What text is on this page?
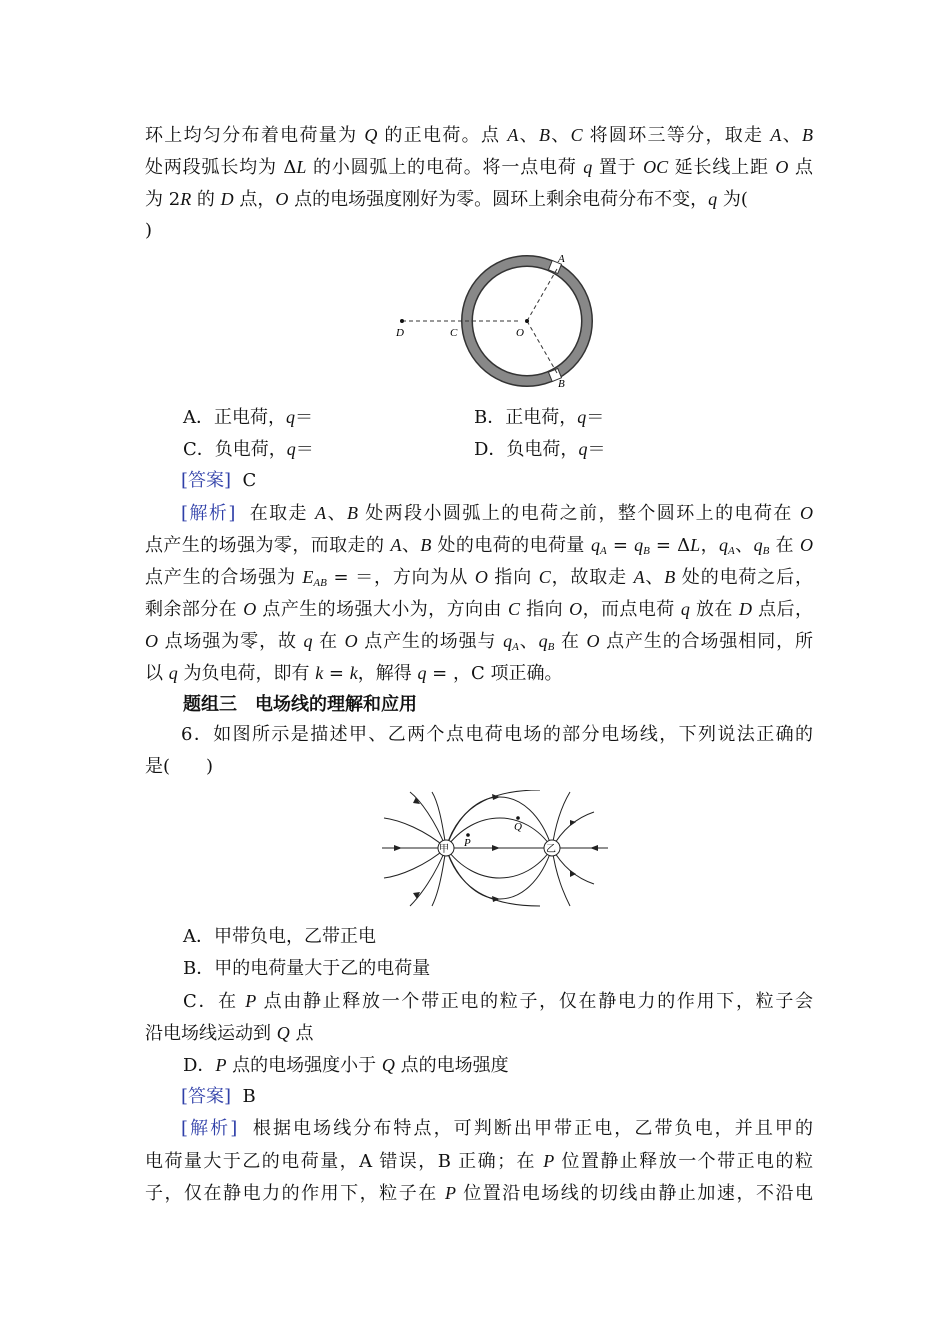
环上均匀分布着电荷量为 Q 的正电荷。点 A、B、C 将圆环三等分，取走 A、B
处两段弧长均为 ΔL 的小圆弧上的电荷。将一点电荷 q 置于 OC 延长线上距 O 点
为 2R 的 D 点，O 点的电场强度刚好为零。圆环上剩余电荷分布不变，q 为(
)
D	C	O
A
B
A．正电荷，q＝	B．正电荷，q＝
C．负电荷，q＝	D．负电荷，q＝
[答案] C
[解析] 在取走 A、B 处两段小圆弧上的电荷之前，整个圆环上的电荷在 O
点产生的场强为零，而取走的 A、B 处的电荷的电荷量 $q_A = q_B = \Delta L$，$q_A$、$q_B$ 在 O
点产生的合场强为 $E_{AB}$ = ＝，方向为从 O 指向 C，故取走 A、B 处的电荷之后，
剩余部分在 O 点产生的场强大小为，方向由 C 指向 O，而点电荷 q 放在 D 点后，
O 点场强为零，故 q 在 O 点产生的场强与 $q_A$、$q_B$ 在 O 点产生的合场强相同，所
以 q 为负电荷，即有 k = k，解得 q = ，C 项正确。
题组三　电场线的理解和应用
6．如图所示是描述甲、乙两个点电荷电场的部分电场线，下列说法正确的
是(　　)
甲	乙
P
Q
A．甲带负电，乙带正电
B．甲的电荷量大于乙的电荷量
C．在 P 点由静止释放一个带正电的粒子，仅在静电力的作用下，粒子会
沿电场线运动到 Q 点
D．P 点的电场强度小于 Q 点的电场强度
[答案] B
[解析] 根据电场线分布特点，可判断出甲带正电，乙带负电，并且甲的
电荷量大于乙的电荷量，A 错误，B 正确；在 P 位置静止释放一个带正电的粒
子，仅在静电力的作用下，粒子在 P 位置沿电场线的切线由静止加速，不沿电
